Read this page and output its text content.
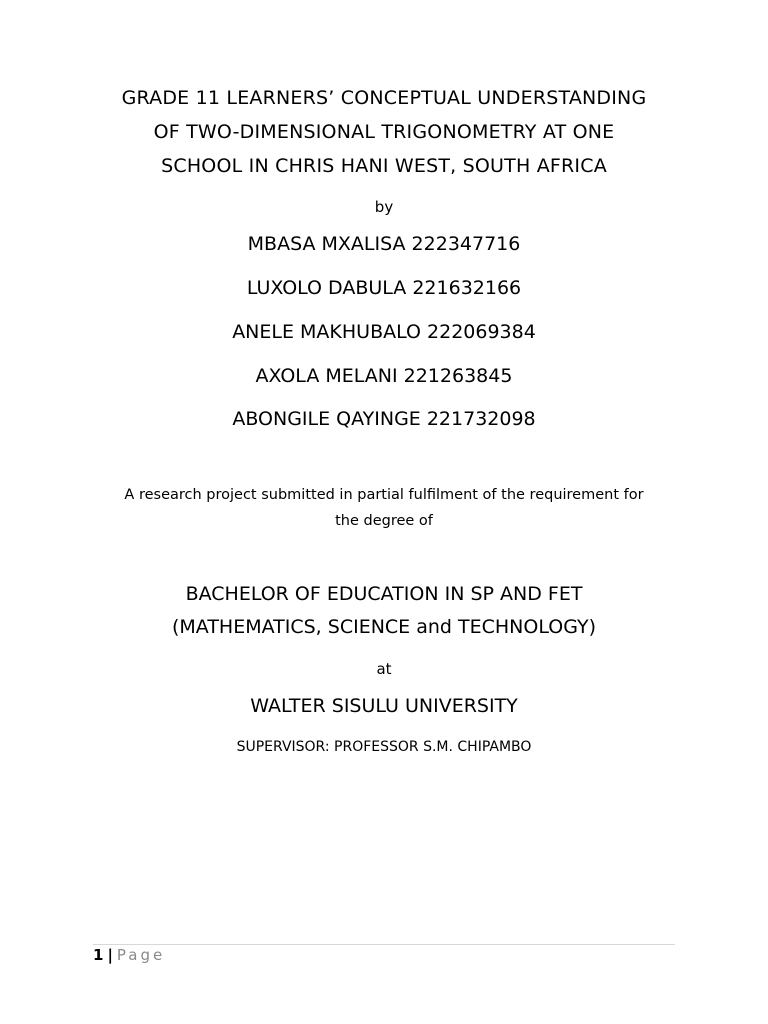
GRADE 11 LEARNERS’ CONCEPTUAL UNDERSTANDING
OF TWO-DIMENSIONAL TRIGONOMETRY AT ONE
SCHOOL IN CHRIS HANI WEST, SOUTH AFRICA
by
MBASA MXALISA 222347716
LUXOLO DABULA 221632166
ANELE MAKHUBALO 222069384
AXOLA MELANI 221263845
ABONGILE QAYINGE 221732098
A research project submitted in partial fulfilment of the requirement for
the degree of
BACHELOR OF EDUCATION IN SP AND FET
(MATHEMATICS, SCIENCE and TECHNOLOGY)
at
WALTER SISULU UNIVERSITY
SUPERVISOR: PROFESSOR S.M. CHIPAMBO
1 | Page
